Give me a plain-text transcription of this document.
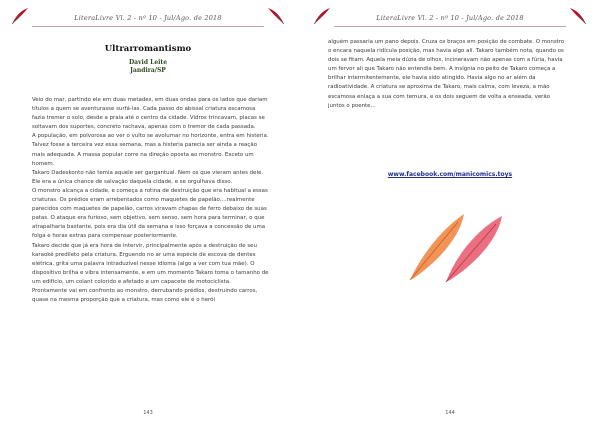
LiteraLivre Vl. 2 - nº 10 - Jul/Ago. de 2018
Ultrarromantismo
David Leite
Jandira/SP

Veio do mar, partindo ele em duas metades, em duas ondas para os lados que dariam títulos a quem se aventurasse surfá-las. Cada passo do abissal criatura escamosa fazia tremer o solo, desde a praia até o centro da cidade. Vidros trincavam, placas se soltavam dos suportes, concreto rachava, apenas com o tremor de cada passada.

A população, em polvorosa ao ver o vulto se avolumar no horizonte, entra em histeria. Talvez fosse a terceira vez essa semana, mas a histeria parecia ser ainda a reação mais adequada. A massa popular corre na direção oposta ao monstro. Exceto um homem.

Takaro Dadeskonto não temia aquele ser gargantual. Nem os que vieram antes dele. Ele era a única chance de salvação daquela cidade, e se orgulhava disso.

O monstro alcança a cidade, e começa a rotina de destruição que era habitual a essas criaturas. Os prédios eram arrebentados como maquetes de papelão....realmente parecidos com maquetes de papelão, carros viravam chapas de ferro debaixo de suas patas. O ataque era furioso, sem objetivo, sem senso, sem hora para terminar, o que atrapalharia bastante, pois era dia útil da semana e isso forçava a concessão de uma folga e horas extras para compensar posteriormente.

Takaro decide que já era hora de intervir, principalmente após a destruição de seu karaokê predileto pela criatura. Erguendo no ar uma espécie de escova de dentes elétrica, grita uma palavra intraduzível nesse idioma (algo a ver com tua mãe). O dispositivo brilha e vibra intensamente, e em um momento Takaro toma o tamanho de um edifício, um colant colorido e afetado e um capacete de motociclista.

Prontamente vai em confronto ao monstro, derrubando prédios, destruindo carros, quase na mesma proporção que a criatura, mas como ele é o herói

143
LiteraLivre Vl. 2 - nº 10 - Jul/Ago. de 2018

alguém passaria um pano depois. Cruza os braços em posição de combate. O monstro o encara naquela ridícula posição, mas havia algo ali. Takaro também nota, quando os dois se fitam. Aquela meia dúzia de olhos, incineravam não apenas com a fúria, havia um fervor ali que Takaro não entendia bem. A insígnia no peito de Takaro começa a brilhar intermitentemente, ele havia sido atingido. Havia algo no ar além da radioatividade. A criatura se aproxima de Takaro, mais calma, com leveza, a mão escamosa enlaça a sua com ternura, e os dois seguem de volta a enseada, verão juntos o poente...

www.facebook.com/manicomics.toys
144
